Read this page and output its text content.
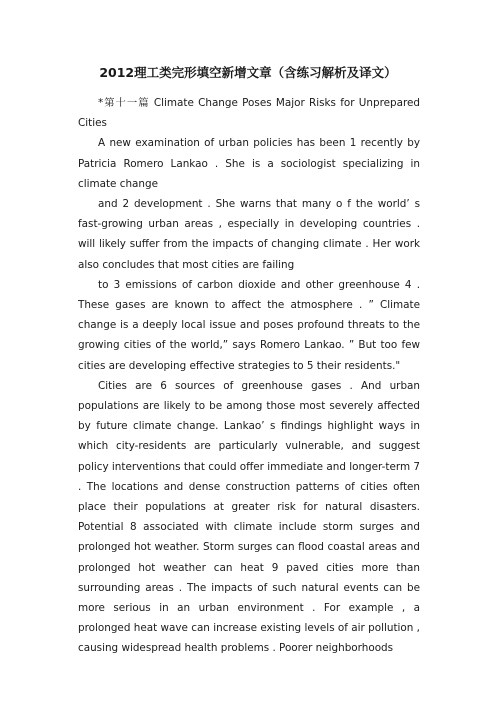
2012理工类完形填空新增文章（含练习解析及译文）

*第十一篇 Climate Change Poses Major Risks for Unprepared Cities

A new examination of urban policies has been 1 recently by Patricia Romero Lankao . She is a sociologist specializing in climate change

and 2 development . She warns that many o f the world’ s fast-growing urban areas , especially in developing countries . will likely suffer from the impacts of changing climate . Her work also concludes that most cities are failing

to 3 emissions of carbon dioxide and other greenhouse 4 . These gases are known to affect the atmosphere . ” Climate change is a deeply local issue and poses profound threats to the growing cities of the world,” says Romero Lankao. ” But too few cities are developing effective strategies to 5 their residents."

Cities are 6 sources of greenhouse gases . And urban populations are likely to be among those most severely affected by future climate change. Lankao’ s findings highlight ways in which city-residents are particularly vulnerable, and suggest policy interventions that could offer immediate and longer-term 7 . The locations and dense construction patterns of cities often place their populations at greater risk for natural disasters. Potential 8 associated with climate include storm surges and prolonged hot weather. Storm surges can flood coastal areas and prolonged hot weather can heat 9 paved cities more than surrounding areas . The impacts of such natural events can be more serious in an urban environment . For example , a prolonged heat wave can increase existing levels of air pollution , causing widespread health problems . Poorer neighborhoods
